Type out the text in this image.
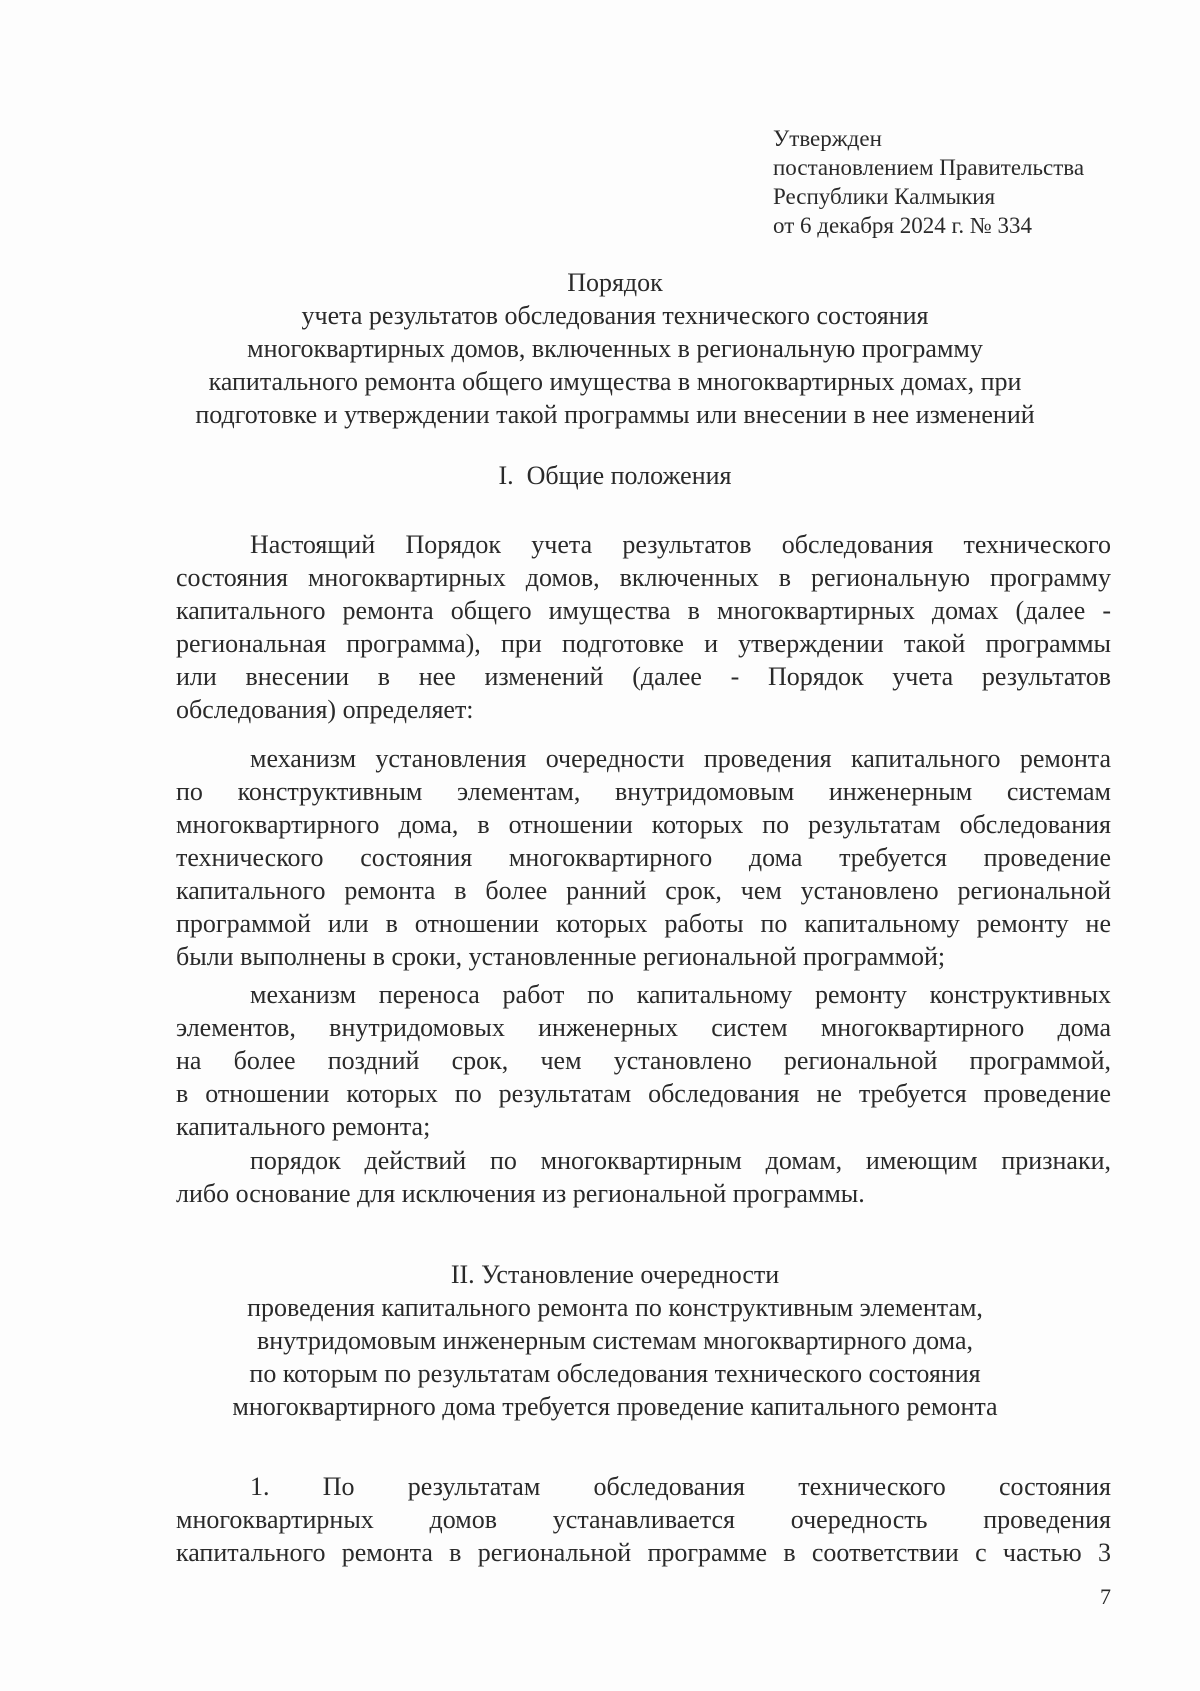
Утвержден
постановлением Правительства
Республики Калмыкия
от 6 декабря 2024 г. № 334
Порядок
учета результатов обследования технического состояния
многоквартирных домов, включенных в региональную программу
капитального ремонта общего имущества в многоквартирных домах, при
подготовке и утверждении такой программы или внесении в нее изменений
I.  Общие положения
Настоящий Порядок учета результатов обследования технического
состояния многоквартирных домов, включенных в региональную программу
капитального ремонта общего имущества в многоквартирных домах (далее -
региональная программа), при подготовке и утверждении такой программы
или внесении в нее изменений (далее - Порядок учета результатов
обследования) определяет:
механизм установления очередности проведения капитального ремонта
по конструктивным элементам, внутридомовым инженерным системам
многоквартирного дома, в отношении которых по результатам обследования
технического состояния многоквартирного дома требуется проведение
капитального ремонта в более ранний срок, чем установлено региональной
программой или в отношении которых работы по капитальному ремонту не
были выполнены в сроки, установленные региональной программой;
механизм переноса работ по капитальному ремонту конструктивных
элементов, внутридомовых инженерных систем многоквартирного дома
на более поздний срок, чем установлено региональной программой,
в отношении которых по результатам обследования не требуется проведение
капитального ремонта;
порядок действий по многоквартирным домам, имеющим признаки,
либо основание для исключения из региональной программы.
II. Установление очередности
проведения капитального ремонта по конструктивным элементам,
внутридомовым инженерным системам многоквартирного дома,
по которым по результатам обследования технического состояния
многоквартирного дома требуется проведение капитального ремонта
1. По результатам обследования технического состояния
многоквартирных домов устанавливается очередность проведения
капитального ремонта в региональной программе в соответствии с частью 3
7
